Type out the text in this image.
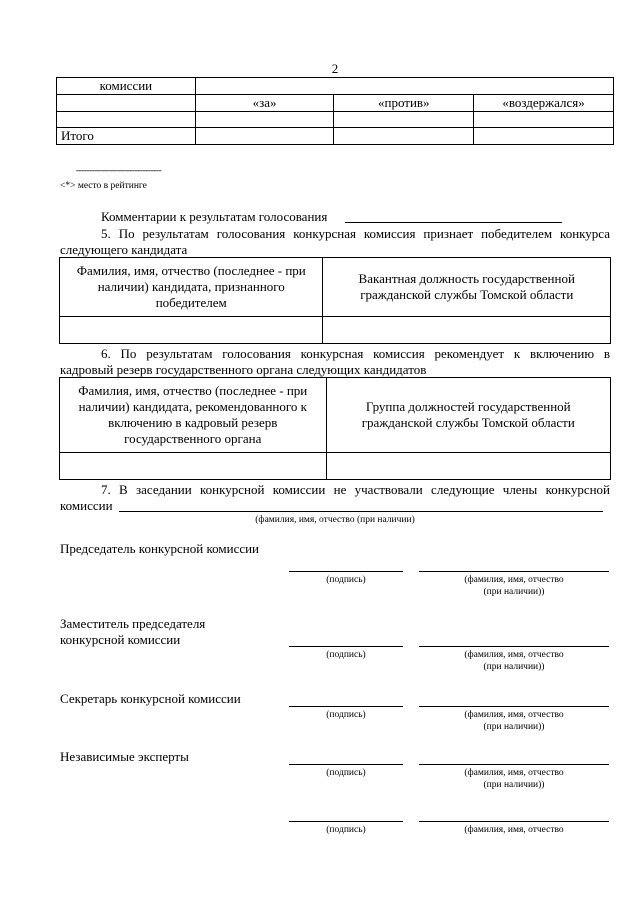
2
комиссии			
	«за»	«против»	«воздержался»

Итого			
--------------------------------
<*> место в рейтинге
Комментарии к результатам голосования
5. По результатам голосования конкурсная комиссия признает победителем конкурса
следующего кандидата
Фамилия, имя, отчество (последнее - при наличии) кандидата, признанного победителем	Вакантная должность государственной гражданской службы Томской области

6. По результатам голосования конкурсная комиссия рекомендует к включению в
кадровый резерв государственного органа следующих кандидатов
Фамилия, имя, отчество (последнее - при наличии) кандидата, рекомендованного к включению в кадровый резерв государственного органа	Группа должностей государственной гражданской службы Томской области

7. В заседании конкурсной комиссии не участвовали следующие члены конкурсной
комиссии
(фамилия, имя, отчество (при наличии)
Председатель конкурсной комиссии
(подпись)	(фамилия, имя, отчество
(при наличии))
Заместитель председателя конкурсной комиссии
(подпись)	(фамилия, имя, отчество
(при наличии))
Секретарь конкурсной комиссии
(подпись)	(фамилия, имя, отчество
(при наличии))
Независимые эксперты
(подпись)	(фамилия, имя, отчество
(при наличии))
(подпись)	(фамилия, имя, отчество
